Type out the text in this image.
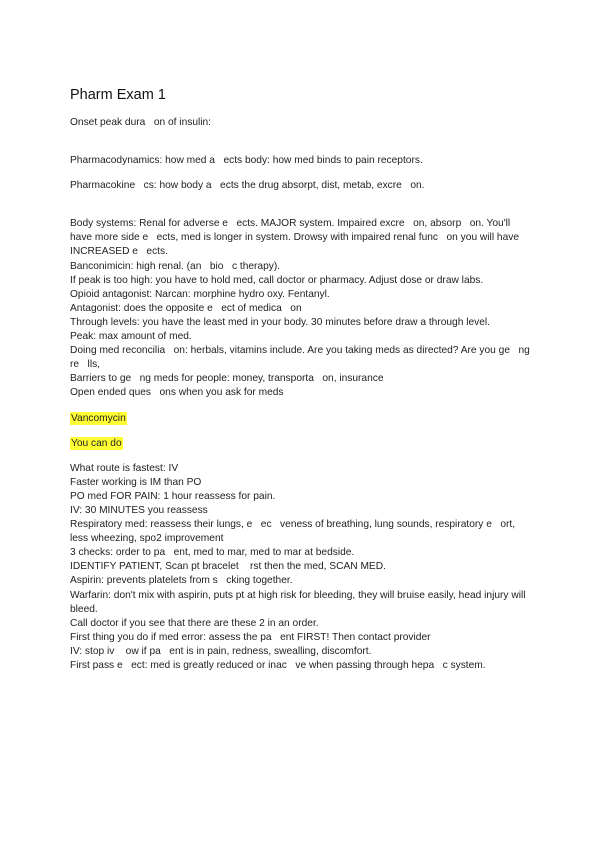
Pharm Exam 1

Onset peak dura   on of insulin:

Pharmacodynamics: how med a   ects body: how med binds to pain receptors.

Pharmacokine   cs: how body a   ects the drug absorpt, dist, metab, excre   on.

Body systems: Renal for adverse e   ects. MAJOR system. Impaired excre   on, absorp   on. You'll have more side e   ects, med is longer in system. Drowsy with impaired renal func   on you will have INCREASED e   ects.

Banconimicin: high renal. (an   bio   c therapy).

If peak is too high: you have to hold med, call doctor or pharmacy. Adjust dose or draw labs.

Opioid antagonist: Narcan: morphine hydro oxy. Fentanyl.

Antagonist: does the opposite e   ect of medica   on

Through levels: you have the least med in your body. 30 minutes before draw a through level.

Peak: max amount of med.

Doing med reconcilia   on: herbals, vitamins include. Are you taking meds as directed? Are you ge   ng re   lls,

Barriers to ge   ng meds for people: money, transporta   on, insurance

Open ended ques   ons when you ask for meds

Vancomycin

You can do

What route is fastest: IV

Faster working is IM than PO

PO med FOR PAIN: 1 hour reassess for pain.

IV: 30 MINUTES you reassess

Respiratory med: reassess their lungs, e   ec   veness of breathing, lung sounds, respiratory e   ort, less wheezing, spo2 improvement

3 checks: order to pa   ent, med to mar, med to mar at bedside.

IDENTIFY PATIENT, Scan pt bracelet    rst then the med, SCAN MED.

Aspirin: prevents platelets from s   cking together.

Warfarin: don't mix with aspirin, puts pt at high risk for bleeding, they will bruise easily, head injury will bleed.

Call doctor if you see that there are these 2 in an order.

First thing you do if med error: assess the pa   ent FIRST! Then contact provider

IV: stop iv    ow if pa   ent is in pain, redness, swealling, discomfort.

First pass e   ect: med is greatly reduced or inac   ve when passing through hepa   c system.
